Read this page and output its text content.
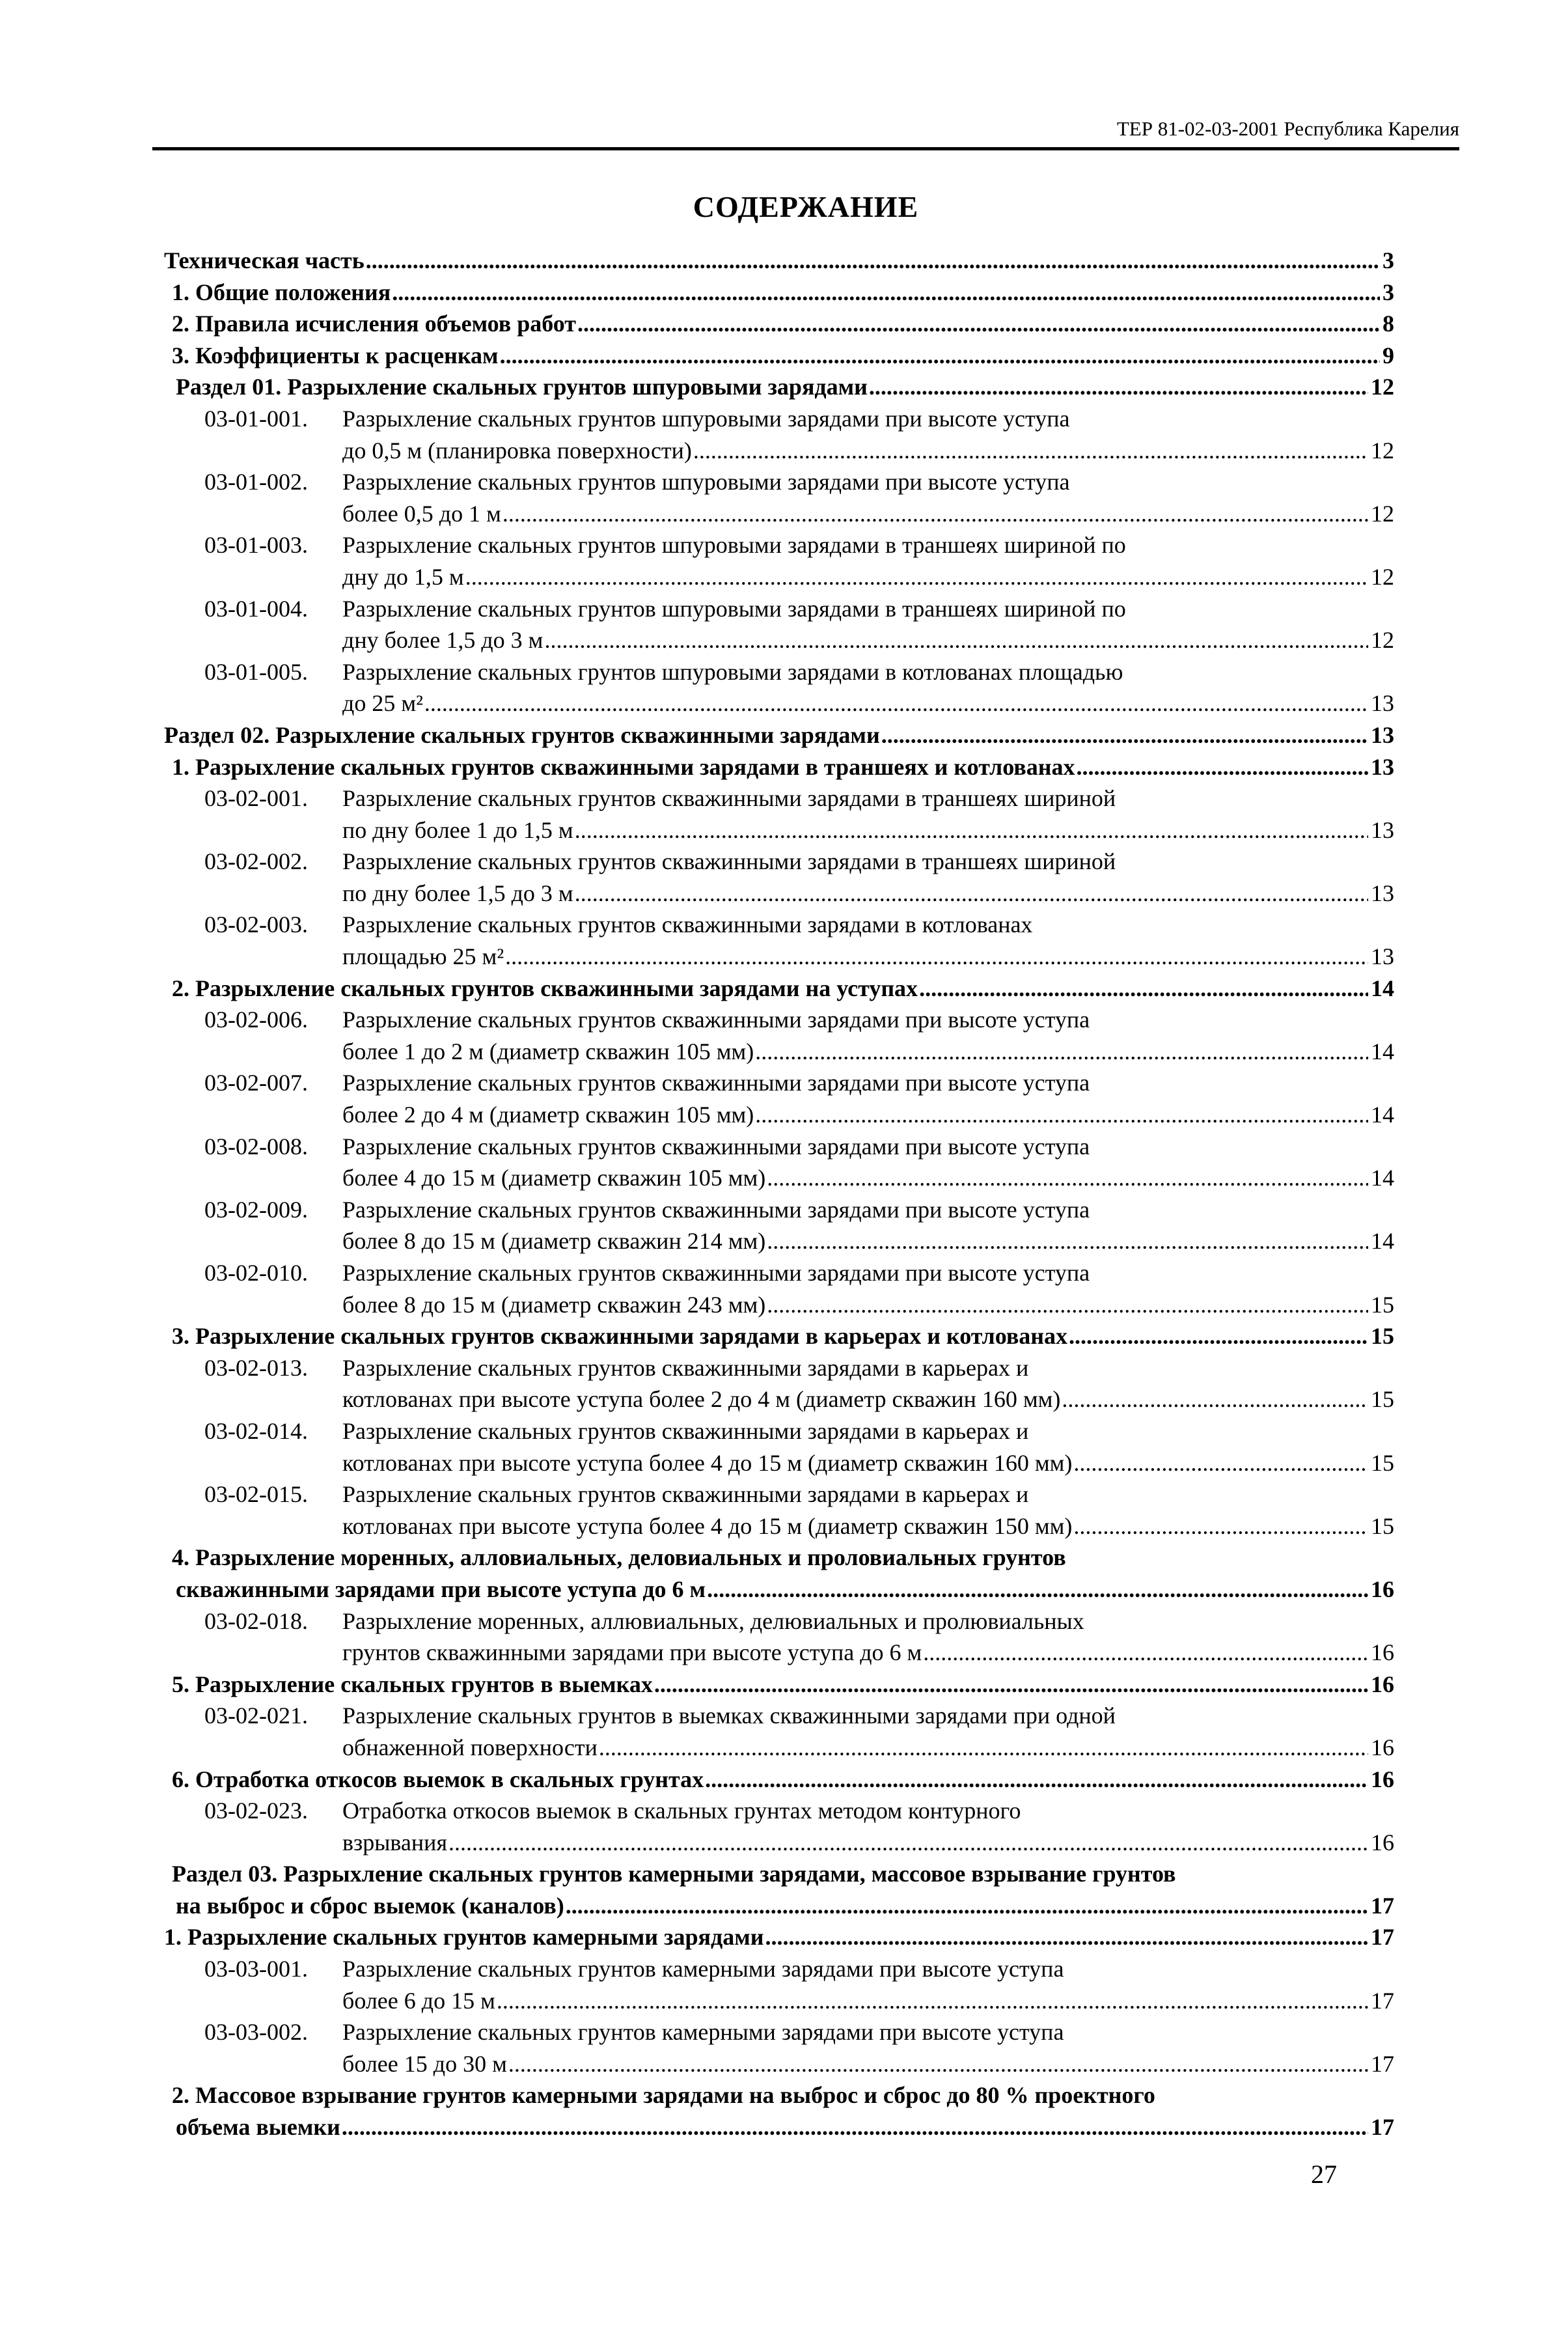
ТЕР 81-02-03-2001 Республика Карелия
СОДЕРЖАНИЕ
Техническая часть .....	3
1. Общие положения .....	3
2. Правила исчисления объемов работ .....	8
3. Коэффициенты к расценкам .....	9
Раздел 01. Разрыхление скальных грунтов шпуровыми зарядами .....	12
03-01-001.	Разрыхление скальных грунтов шпуровыми зарядами при высоте уступа
до 0,5 м (планировка поверхности) .....	12
03-01-002.	Разрыхление скальных грунтов шпуровыми зарядами при высоте уступа
более 0,5 до 1 м .....	12
03-01-003.	Разрыхление скальных грунтов шпуровыми зарядами в траншеях шириной по
дну до 1,5 м .....	12
03-01-004.	Разрыхление скальных грунтов шпуровыми зарядами в траншеях шириной по
дну более 1,5 до 3 м .....	12
03-01-005.	Разрыхление скальных грунтов шпуровыми зарядами в котлованах площадью
до 25 м² .....	13
Раздел 02. Разрыхление скальных грунтов скважинными зарядами .....	13
1. Разрыхление скальных грунтов скважинными зарядами в траншеях и котлованах .....	13
03-02-001.	Разрыхление скальных грунтов скважинными зарядами в траншеях шириной
по дну более 1 до 1,5 м .....	13
03-02-002.	Разрыхление скальных грунтов скважинными зарядами в траншеях шириной
по дну более 1,5 до 3 м .....	13
03-02-003.	Разрыхление скальных грунтов скважинными зарядами в котлованах
площадью 25 м² .....	13
2. Разрыхление скальных грунтов скважинными зарядами на уступах .....	14
03-02-006.	Разрыхление скальных грунтов скважинными зарядами при высоте уступа
более 1 до 2 м (диаметр скважин 105 мм) .....	14
03-02-007.	Разрыхление скальных грунтов скважинными зарядами при высоте уступа
более 2 до 4 м (диаметр скважин 105 мм) .....	14
03-02-008.	Разрыхление скальных грунтов скважинными зарядами при высоте уступа
более 4 до 15 м (диаметр скважин 105 мм) .....	14
03-02-009.	Разрыхление скальных грунтов скважинными зарядами при высоте уступа
более 8 до 15 м (диаметр скважин 214 мм) .....	14
03-02-010.	Разрыхление скальных грунтов скважинными зарядами при высоте уступа
более 8 до 15 м (диаметр скважин 243 мм) .....	15
3. Разрыхление скальных грунтов скважинными зарядами в карьерах и котлованах .....	15
03-02-013.	Разрыхление скальных грунтов скважинными зарядами в карьерах и
котлованах при высоте уступа более 2 до 4 м (диаметр скважин 160 мм) .....	15
03-02-014.	Разрыхление скальных грунтов скважинными зарядами в карьерах и
котлованах при высоте уступа более 4 до 15 м (диаметр скважин 160 мм) .....	15
03-02-015.	Разрыхление скальных грунтов скважинными зарядами в карьерах и
котлованах при высоте уступа более 4 до 15 м (диаметр скважин 150 мм) .....	15
4. Разрыхление моренных, алловиальных, деловиальных и проловиальных грунтов
скважинными зарядами при высоте уступа до 6 м .....	16
03-02-018.	Разрыхление моренных, аллювиальных, делювиальных и пролювиальных
грунтов скважинными зарядами при высоте уступа до 6 м .....	16
5. Разрыхление скальных грунтов в выемках .....	16
03-02-021.	Разрыхление скальных грунтов в выемках скважинными зарядами при одной
обнаженной поверхности .....	16
6. Отработка откосов выемок в скальных грунтах .....	16
03-02-023.	Отработка откосов выемок в скальных грунтах методом контурного
взрывания .....	16
Раздел 03. Разрыхление скальных грунтов камерными зарядами, массовое взрывание грунтов
на выброс и сброс выемок (каналов) .....	17
1. Разрыхление скальных грунтов камерными зарядами .....	17
03-03-001.	Разрыхление скальных грунтов камерными зарядами при высоте уступа
более 6 до 15 м .....	17
03-03-002.	Разрыхление скальных грунтов камерными зарядами при высоте уступа
более 15 до 30 м .....	17
2. Массовое взрывание грунтов камерными зарядами на выброс и сброс до 80 % проектного
объема выемки .....	17
27
